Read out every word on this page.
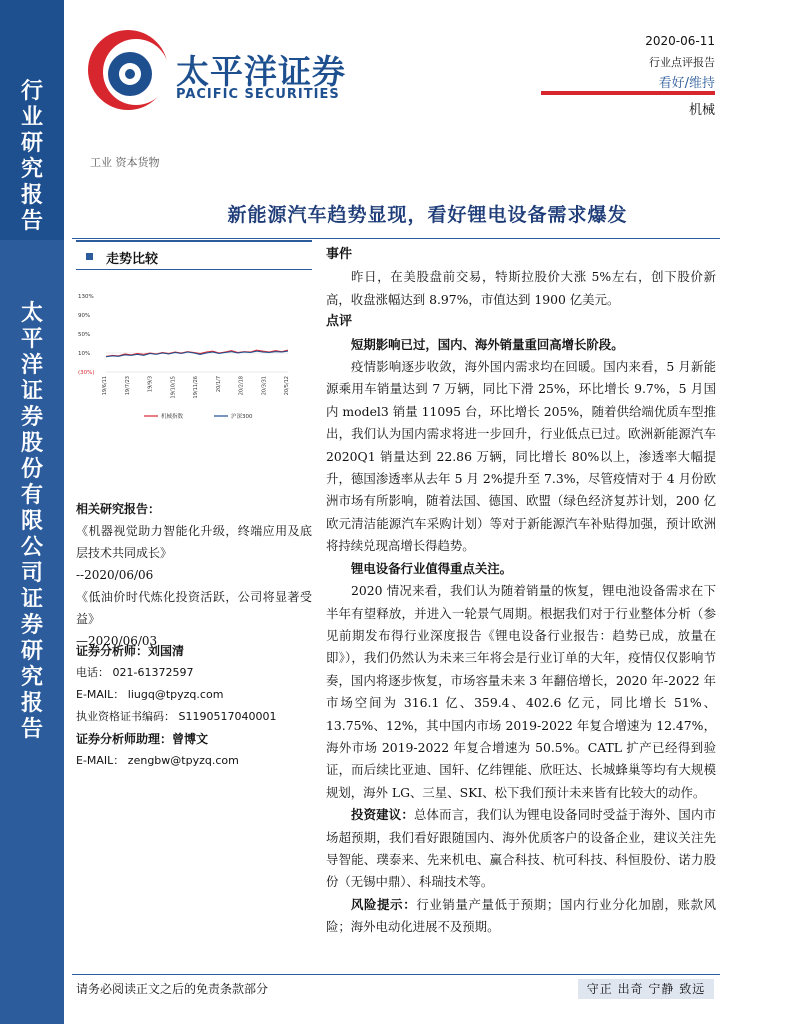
行
业
研
究
报
告
太
平
洋
证
券
股
份
有
限
公
司
证
券
研
究
报
告
太平洋证券
PACIFIC SECURITIES
2020-06-11
行业点评报告
看好/维持
机械
工业 资本货物
新能源汽车趋势显现，看好锂电设备需求爆发
走势比较
130%
90%
50%
10%
(30%)
19/6/11	19/7/23	19/9/3	19/10/15	19/11/26	20/1/7	20/2/18	20/3/31	20/5/12
机械指数	沪深300
相关研究报告：

《机器视觉助力智能化升级，终端应用及底层技术共同成长》

--2020/06/06

《低油价时代炼化投资活跃，公司将显著受益》

—2020/06/03

证券分析师：刘国清
电话： 021-61372597
E-MAIL： liugq@tpyzq.com
执业资格证书编码： S1190517040001
证券分析师助理：曾博文
E-MAIL： zengbw@tpyzq.com
事件

昨日，在美股盘前交易，特斯拉股价大涨 5%左右，创下股价新高，收盘涨幅达到 8.97%，市值达到 1900 亿美元。

点评

短期影响已过，国内、海外销量重回高增长阶段。

疫情影响逐步收敛，海外国内需求均在回暖。国内来看，5 月新能源乘用车销量达到 7 万辆，同比下滑 25%，环比增长 9.7%，5 月国内 model3 销量 11095 台，环比增长 205%，随着供给端优质车型推出，我们认为国内需求将进一步回升，行业低点已过。欧洲新能源汽车 2020Q1 销量达到 22.86 万辆，同比增长 80%以上，渗透率大幅提升，德国渗透率从去年 5 月 2%提升至 7.3%，尽管疫情对于 4 月份欧洲市场有所影响，随着法国、德国、欧盟（绿色经济复苏计划，200 亿欧元清洁能源汽车采购计划）等对于新能源汽车补贴得加强，预计欧洲将持续兑现高增长得趋势。

锂电设备行业值得重点关注。

2020 情况来看，我们认为随着销量的恢复，锂电池设备需求在下半年有望释放，并进入一轮景气周期。根据我们对于行业整体分析（参见前期发布得行业深度报告《锂电设备行业报告：趋势已成，放量在即》），我们仍然认为未来三年将会是行业订单的大年，疫情仅仅影响节奏，国内将逐步恢复，市场容量未来 3 年翻倍增长，2020 年-2022 年市场空间为 316.1 亿、359.4、402.6 亿元，同比增长 51%、13.75%、12%，其中国内市场 2019-2022 年复合增速为 12.47%，海外市场 2019-2022 年复合增速为 50.5%。CATL 扩产已经得到验证，而后续比亚迪、国轩、亿纬锂能、欣旺达、长城蜂巢等均有大规模规划，海外 LG、三星、SKI、松下我们预计未来皆有比较大的动作。

投资建议：总体而言，我们认为锂电设备同时受益于海外、国内市场超预期，我们看好跟随国内、海外优质客户的设备企业，建议关注先导智能、璞泰来、先来机电、赢合科技、杭可科技、科恒股份、诺力股份（无锡中鼎）、科瑞技术等。

风险提示：行业销量产量低于预期；国内行业分化加剧，账款风险；海外电动化进展不及预期。

请务必阅读正文之后的免责条款部分	守正 出奇 宁静 致远
